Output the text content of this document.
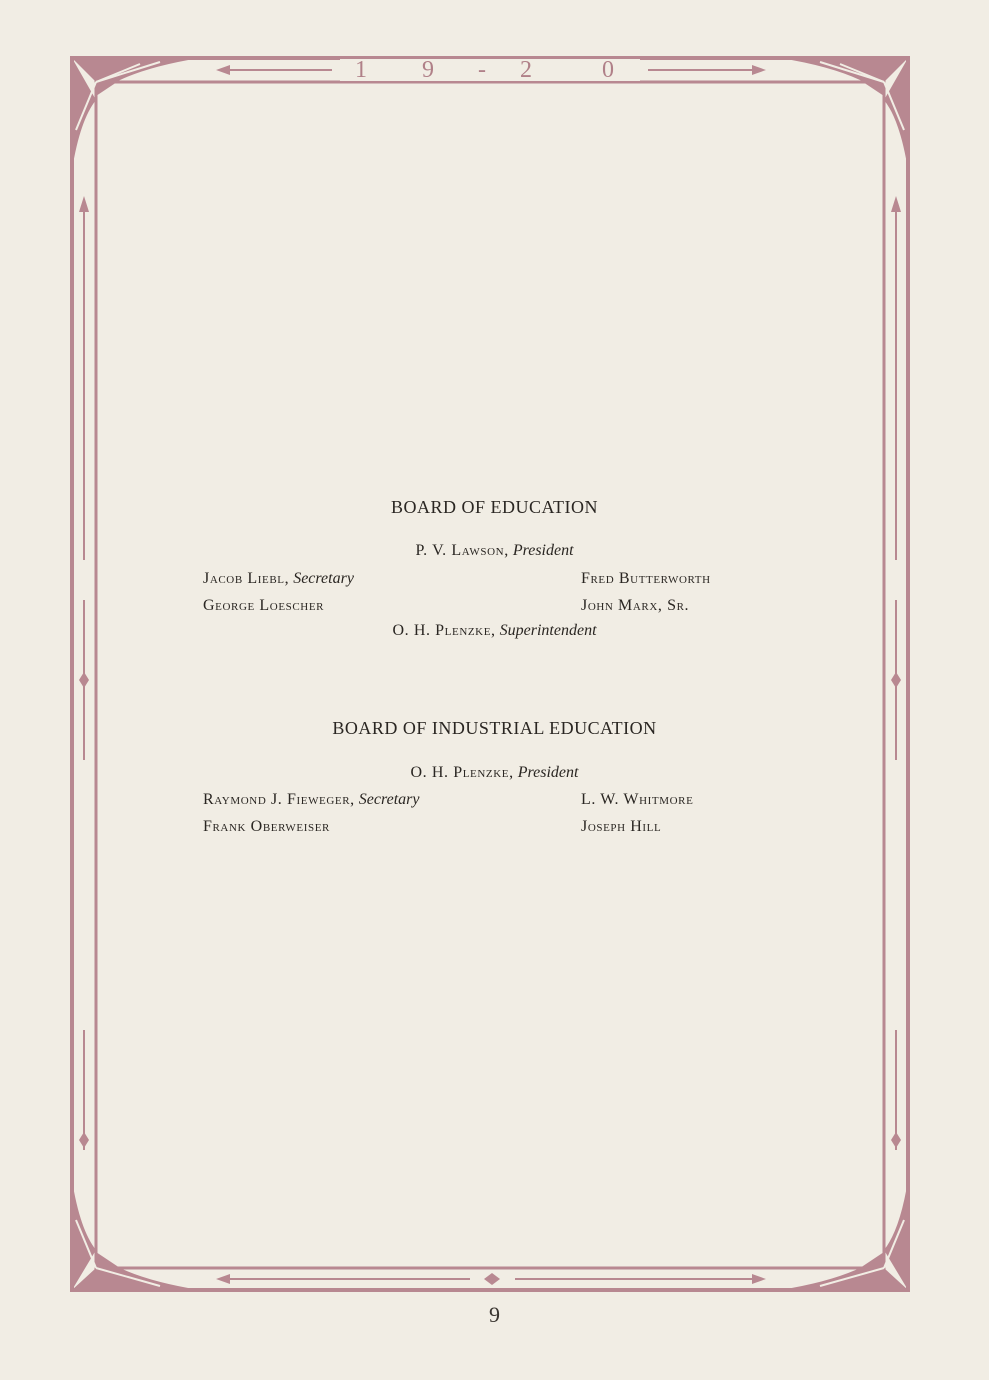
1	9	-	2	0
BOARD OF EDUCATION
P. V. Lawson, President
Jacob Liebl, Secretary	Fred Butterworth
George Loescher	John Marx, Sr.
O. H. Plenzke, Superintendent
BOARD OF INDUSTRIAL EDUCATION
O. H. Plenzke, President
Raymond J. Fieweger, Secretary	L. W. Whitmore
Frank Oberweiser	Joseph Hill
9
